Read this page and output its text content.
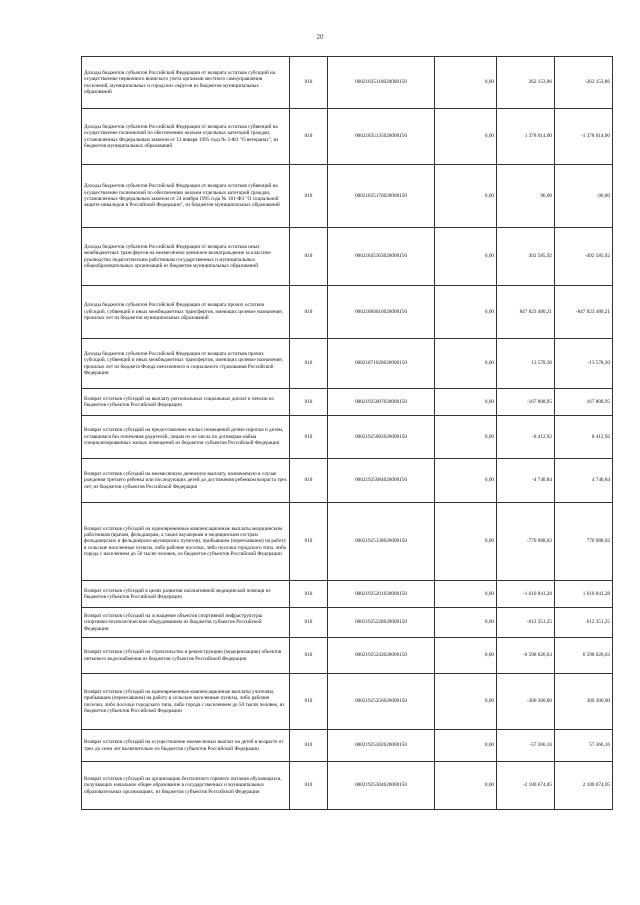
20
Доходы бюджетов субъектов Российской Федерации от возврата остатков субсидий на осуществление первичного воинского учета органами местного самоуправления поселений, муниципальных и городских округов из бюджетов муниципальных образований	010	00021835118020000150	0,00	262 153,86	-262 153,86
Доходы бюджетов субъектов Российской Федерации от возврата остатков субвенций на осуществление полномочий по обеспечению жильем отдельных категорий граждан, установленных Федеральным законом от 12 января 1995 года № 5-ФЗ "О ветеранах", из бюджетов муниципальных образований	010	00021835135020000150	0,00	1 378 014,00	-1 378 014,00
Доходы бюджетов субъектов Российской Федерации от возврата остатков субвенций на осуществление полномочий по обеспечению жильем отдельных категорий граждан, установленных Федеральным законом от 24 ноября 1995 года № 181-ФЗ "О социальной защите инвалидов в Российской Федерации", из бюджетов муниципальных образований	010	00021835176020000150	0,00	96,00	-96,00
Доходы бюджетов субъектов Российской Федерации от возврата остатков иных межбюджетных трансфертов на ежемесячное денежное вознаграждение за классное руководство педагогическим работникам государственных и муниципальных общеобразовательных организаций из бюджетов муниципальных образований	010	00021845303020000150	0,00	492 585,92	-492 585,92
Доходы бюджетов субъектов Российской Федерации от возврата прочих остатков субсидий, субвенций и иных межбюджетных трансфертов, имеющих целевое назначение, прошлых лет из бюджетов муниципальных образований	010	00021860010020000150	0,00	847 823 480,21	-847 823 480,21
Доходы бюджетов субъектов Российской Федерации от возврата остатков прочих субсидий, субвенций и иных межбюджетных трансфертов, имеющих целевое назначение, прошлых лет из бюджета Фонда пенсионного и социального страхования Российской Федерации	010	00021871020020000150	0,00	13 578,30	-13 578,30
Возврат остатков субсидий на выплату региональных социальных доплат к пенсии из бюджетов субъектов Российской Федерации	010	00021925007020000150	0,00	-167 808,95	167 808,95
Возврат остатков субсидий на предоставление жилых помещений детям-сиротам и детям, оставшимся без попечения родителей, лицам из их числа по договорам найма специализированных жилых помещений из бюджетов субъектов Российской Федерации	010	00021925082020000150	0,00	-8 412,92	8 412,92
Возврат остатков субсидий на ежемесячную денежную выплату, назначаемую в случае рождения третьего ребенка или последующих детей до достижения ребенком возраста трех лет, из бюджетов субъектов Российской Федерации	010	00021925084020000150	0,00	-4 740,84	4 740,84
Возврат остатков субсидий на единовременные компенсационные выплаты медицинским работникам (врачам, фельдшерам, а также акушеркам и медицинским сестрам фельдшерских и фельдшерско-акушерских пунктов), прибывшим (переехавшим) на работу в сельские населенные пункты, либо рабочие поселки, либо поселки городского типа, либо города с населением до 50 тысяч человек, из бюджетов субъектов Российской Федерации	010	00021925138020000150	0,00	-770 988,02	770 988,02
Возврат остатков субсидий в целях развития паллиативной медицинской помощи из бюджетов субъектов Российской Федерации	010	00021925201020000150	0,00	-1 610 841,28	1 610 841,28
Возврат остатков субсидий на оснащение объектов спортивной инфраструктуры спортивно-технологическим оборудованием из бюджетов субъектов Российской Федерации	010	00021925228020000150	0,00	-612 351,25	612 351,25
Возврат остатков субсидий на строительство и реконструкцию (модернизацию) объектов питьевого водоснабжения из бюджетов субъектов Российской Федерации	010	00021925243020000150	0,00	-6 598 026,63	6 598 026,63
Возврат остатков субсидий на единовременные компенсационные выплаты учителям, прибывшим (переехавшим) на работу в сельские населенные пункты, либо рабочие поселки, либо поселки городского типа, либо города с населением до 50 тысяч человек, из бюджетов субъектов Российской Федерации	010	00021925256020000150	0,00	-300 300,00	300 300,00
Возврат остатков субсидий на осуществление ежемесячных выплат на детей в возрасте от трех до семи лет включительно из бюджетов субъектов Российской Федерации	010	00021925302020000150	0,00	-57 366,16	57 366,16
Возврат остатков субсидий на организацию бесплатного горячего питания обучающихся, получающих начальное общее образование в государственных и муниципальных образовательных организациях, из бюджетов субъектов Российской Федерации	010	00021925304020000150	0,00	-2 180 674,05	2 180 674,05
